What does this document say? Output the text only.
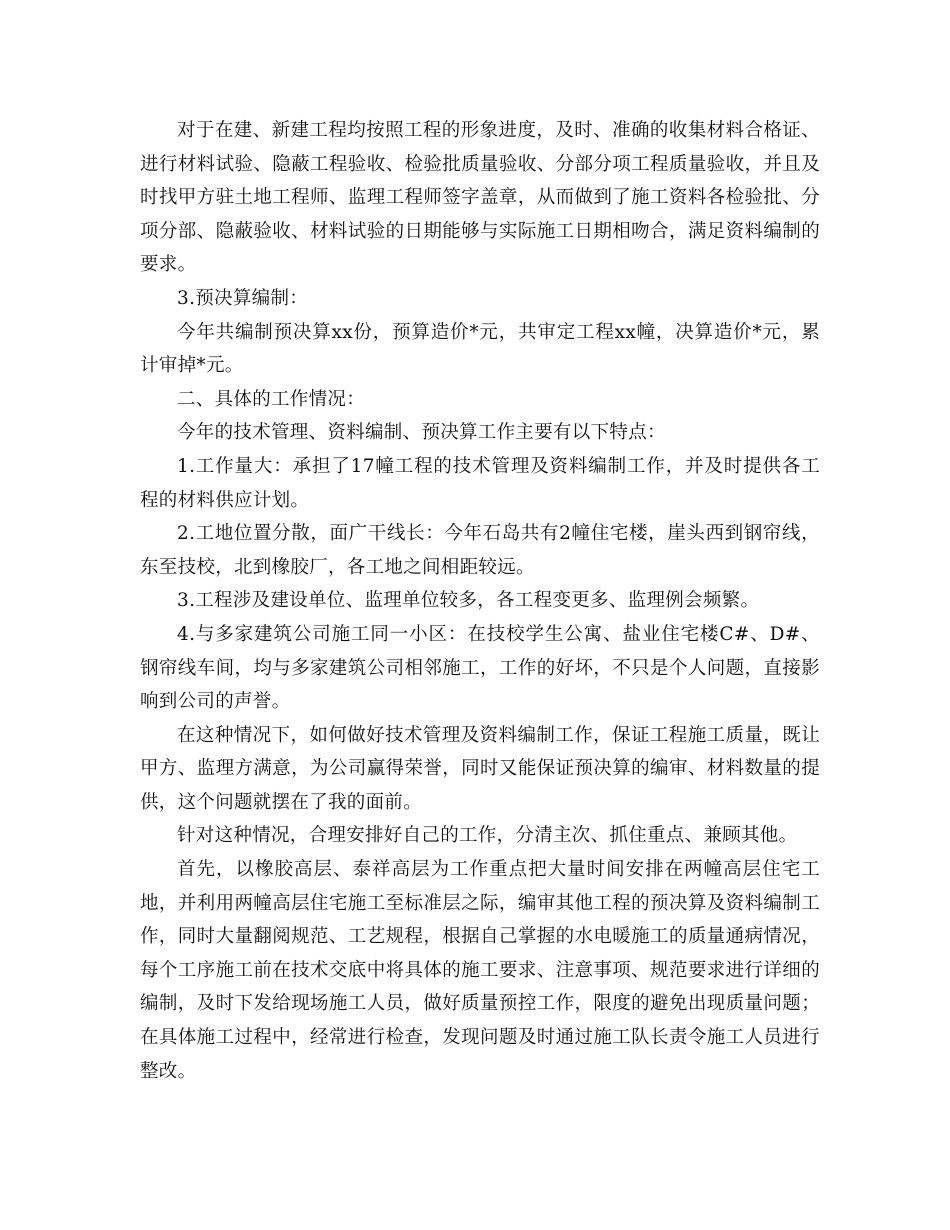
对于在建、新建工程均按照工程的形象进度，及时、准确的收集材料合格证、进行材料试验、隐蔽工程验收、检验批质量验收、分部分项工程质量验收，并且及时找甲方驻土地工程师、监理工程师签字盖章，从而做到了施工资料各检验批、分项分部、隐蔽验收、材料试验的日期能够与实际施工日期相吻合，满足资料编制的要求。

3.预决算编制：

今年共编制预决算xx份，预算造价*元，共审定工程xx幢，决算造价*元，累计审掉*元。

二、具体的工作情况：

今年的技术管理、资料编制、预决算工作主要有以下特点：

1.工作量大：承担了17幢工程的技术管理及资料编制工作，并及时提供各工程的材料供应计划。

2.工地位置分散，面广干线长：今年石岛共有2幢住宅楼，崖头西到钢帘线，东至技校，北到橡胶厂，各工地之间相距较远。

3.工程涉及建设单位、监理单位较多，各工程变更多、监理例会频繁。

4.与多家建筑公司施工同一小区：在技校学生公寓、盐业住宅楼C#、D#、钢帘线车间，均与多家建筑公司相邻施工，工作的好坏，不只是个人问题，直接影响到公司的声誉。

在这种情况下，如何做好技术管理及资料编制工作，保证工程施工质量，既让甲方、监理方满意，为公司赢得荣誉，同时又能保证预决算的编审、材料数量的提供，这个问题就摆在了我的面前。

针对这种情况，合理安排好自己的工作，分清主次、抓住重点、兼顾其他。

首先，以橡胶高层、泰祥高层为工作重点把大量时间安排在两幢高层住宅工地，并利用两幢高层住宅施工至标准层之际，编审其他工程的预决算及资料编制工作，同时大量翻阅规范、工艺规程，根据自己掌握的水电暖施工的质量通病情况，每个工序施工前在技术交底中将具体的施工要求、注意事项、规范要求进行详细的编制，及时下发给现场施工人员，做好质量预控工作，限度的避免出现质量问题；在具体施工过程中，经常进行检查，发现问题及时通过施工队长责令施工人员进行整改。
